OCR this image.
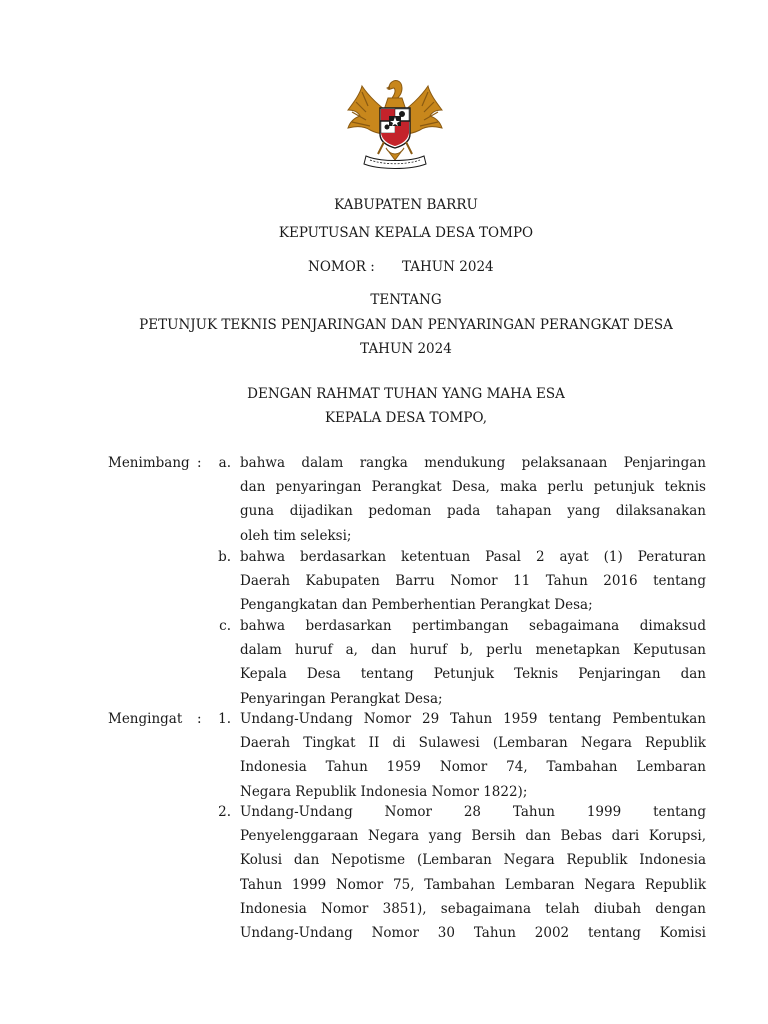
KABUPATEN BARRU
KEPUTUSAN KEPALA DESA TOMPO
NOMOR : TAHUN 2024
TENTANG
PETUNJUK TEKNIS PENJARINGAN DAN PENYARINGAN PERANGKAT DESA
TAHUN 2024
DENGAN RAHMAT TUHAN YANG MAHA ESA
KEPALA DESA TOMPO,
Menimbang :	a. bahwa dalam rangka mendukung pelaksanaan Penjaringan
dan penyaringan Perangkat Desa, maka perlu petunjuk teknis
guna dijadikan pedoman pada tahapan yang dilaksanakan
oleh tim seleksi;
b. bahwa berdasarkan ketentuan Pasal 2 ayat (1) Peraturan
Daerah Kabupaten Barru Nomor 11 Tahun 2016 tentang
Pengangkatan dan Pemberhentian Perangkat Desa;
c. bahwa berdasarkan pertimbangan sebagaimana dimaksud
dalam huruf a, dan huruf b, perlu menetapkan Keputusan
Kepala Desa tentang Petunjuk Teknis Penjaringan dan
Penyaringan Perangkat Desa;
Mengingat :	1. Undang-Undang Nomor 29 Tahun 1959 tentang Pembentukan
Daerah Tingkat II di Sulawesi (Lembaran Negara Republik
Indonesia Tahun 1959 Nomor 74, Tambahan Lembaran
Negara Republik Indonesia Nomor 1822);
2. Undang-Undang Nomor 28 Tahun 1999 tentang
Penyelenggaraan Negara yang Bersih dan Bebas dari Korupsi,
Kolusi dan Nepotisme (Lembaran Negara Republik Indonesia
Tahun 1999 Nomor 75, Tambahan Lembaran Negara Republik
Indonesia Nomor 3851), sebagaimana telah diubah dengan
Undang-Undang Nomor 30 Tahun 2002 tentang Komisi
